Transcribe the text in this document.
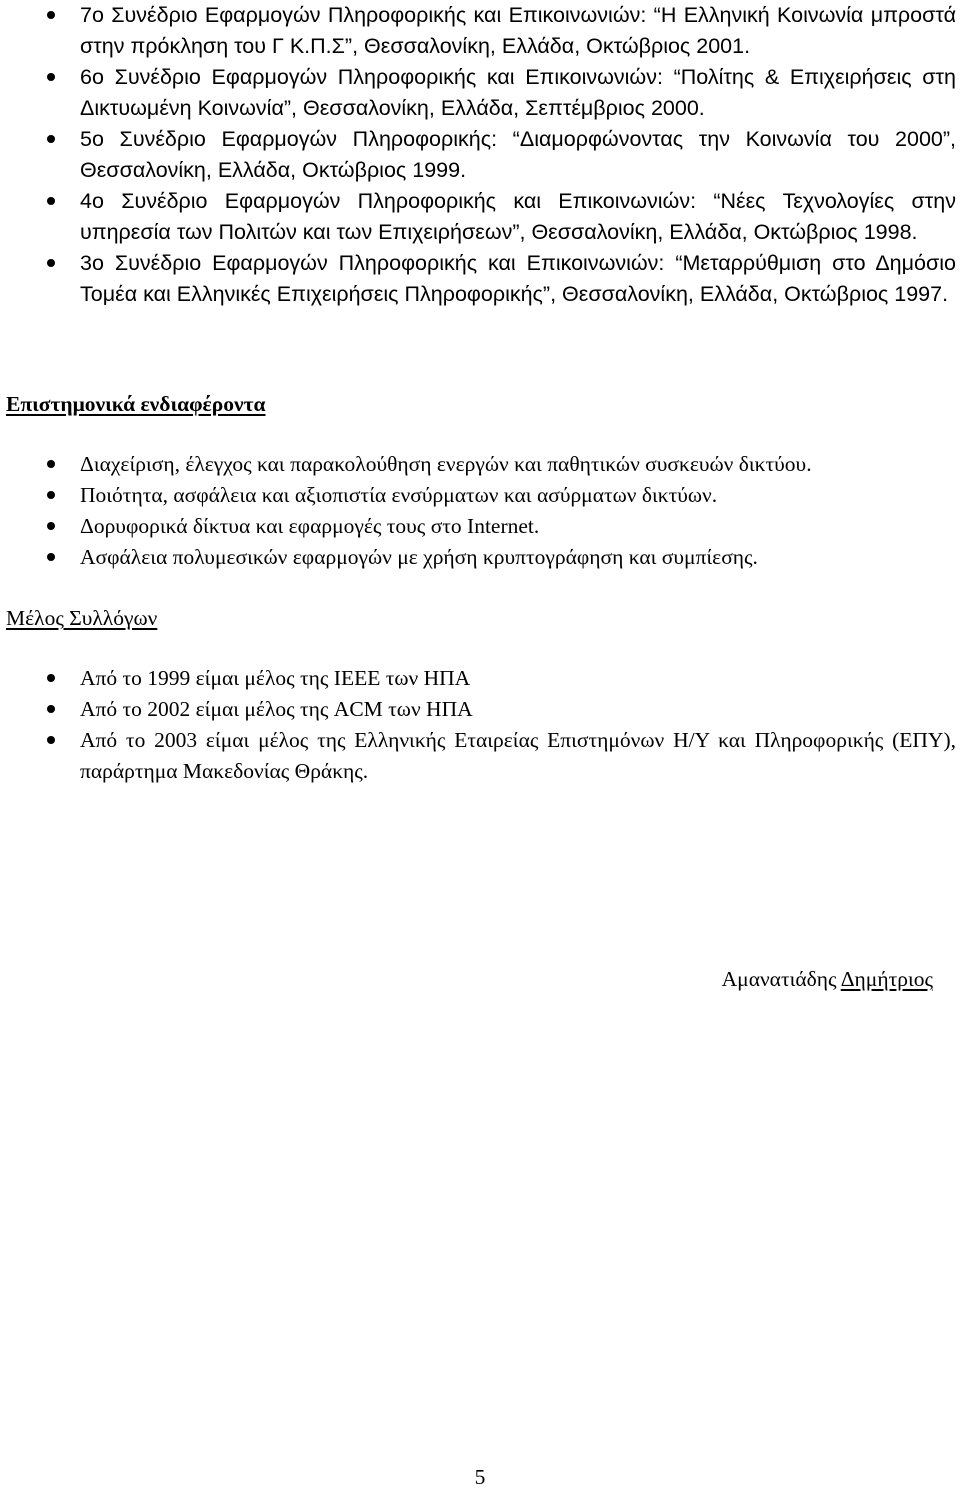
7ο Συνέδριο Εφαρμογών Πληροφορικής και Επικοινωνιών: “Η Ελληνική Κοινωνία μπροστά στην πρόκληση του Γ Κ.Π.Σ”, Θεσσαλονίκη, Ελλάδα, Οκτώβριος 2001.
6ο Συνέδριο Εφαρμογών Πληροφορικής και Επικοινωνιών: “Πολίτης & Επιχειρήσεις στη Δικτυωμένη Κοινωνία”, Θεσσαλονίκη, Ελλάδα, Σεπτέμβριος 2000.
5ο Συνέδριο Εφαρμογών Πληροφορικής: “Διαμορφώνοντας την Κοινωνία του 2000”, Θεσσαλονίκη, Ελλάδα, Οκτώβριος 1999.
4ο Συνέδριο Εφαρμογών Πληροφορικής και Επικοινωνιών: “Νέες Τεχνολογίες στην υπηρεσία των Πολιτών και των Επιχειρήσεων”, Θεσσαλονίκη, Ελλάδα, Οκτώβριος 1998.
3ο Συνέδριο Εφαρμογών Πληροφορικής και Επικοινωνιών: “Μεταρρύθμιση στο Δημόσιο Τομέα και Ελληνικές Επιχειρήσεις Πληροφορικής”, Θεσσαλονίκη, Ελλάδα, Οκτώβριος 1997.
Επιστημονικά ενδιαφέροντα
Διαχείριση, έλεγχος και παρακολούθηση ενεργών και παθητικών συσκευών δικτύου.
Ποιότητα, ασφάλεια και αξιοπιστία ενσύρματων και ασύρματων δικτύων.
Δορυφορικά δίκτυα και εφαρμογές τους στο Internet.
Ασφάλεια πολυμεσικών εφαρμογών με χρήση κρυπτογράφηση και συμπίεσης.
Μέλος Συλλόγων
Από το 1999 είμαι μέλος της IEEE των ΗΠΑ
Από το 2002 είμαι μέλος της ACM των ΗΠΑ
Από το 2003 είμαι μέλος της Ελληνικής Εταιρείας Επιστημόνων Η/Υ και Πληροφορικής (ΕΠΥ), παράρτημα Μακεδονίας Θράκης.
Αμανατιάδης Δημήτριος
5
